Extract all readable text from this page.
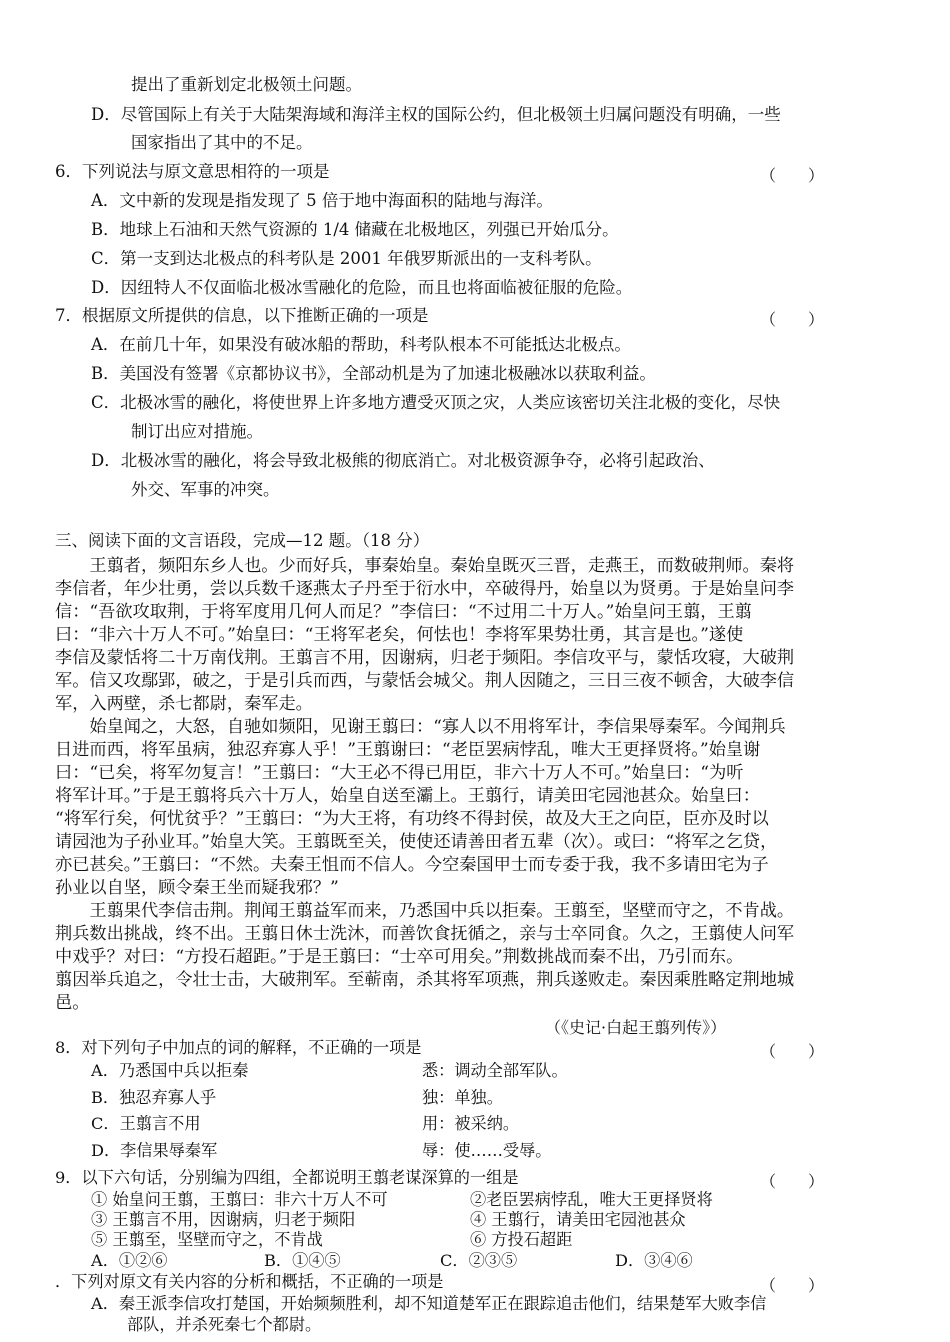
提出了重新划定北极领土问题。
D．尽管国际上有关于大陆架海域和海洋主权的国际公约，但北极领土归属问题没有明确，一些
国家指出了其中的不足。
6．下列说法与原文意思相符的一项是	（　　）
A．文中新的发现是指发现了 5 倍于地中海面积的陆地与海洋。
B．地球上石油和天然气资源的 1/4 储藏在北极地区，列强已开始瓜分。
C．第一支到达北极点的科考队是 2001 年俄罗斯派出的一支科考队。
D．因纽特人不仅面临北极冰雪融化的危险，而且也将面临被征服的危险。
7．根据原文所提供的信息，以下推断正确的一项是	（　　）
A．在前几十年，如果没有破冰船的帮助，科考队根本不可能抵达北极点。
B．美国没有签署《京都协议书》，全部动机是为了加速北极融冰以获取利益。
C．北极冰雪的融化，将使世界上许多地方遭受灭顶之灾，人类应该密切关注北极的变化，尽快
制订出应对措施。
D．北极冰雪的融化，将会导致北极熊的彻底消亡。对北极资源争夺，必将引起政治、
外交、军事的冲突。
三、阅读下面的文言语段，完成—12 题。（18 分）
　　王翦者，频阳东乡人也。少而好兵，事秦始皇。秦始皇既灭三晋，走燕王，而数破荆师。秦将
李信者，年少壮勇，尝以兵数千逐燕太子丹至于衍水中，卒破得丹，始皇以为贤勇。于是始皇问李
信：“吾欲攻取荆，于将军度用几何人而足？”李信曰：“不过用二十万人。”始皇问王翦，王翦
曰：“非六十万人不可。”始皇曰：“王将军老矣，何怯也！李将军果势壮勇，其言是也。”遂使
李信及蒙恬将二十万南伐荆。王翦言不用，因谢病，归老于频阳。李信攻平与，蒙恬攻寝，大破荆
军。信又攻鄢郢，破之，于是引兵而西，与蒙恬会城父。荆人因随之，三日三夜不顿舍，大破李信
军，入两壁，杀七都尉，秦军走。
　　始皇闻之，大怒，自驰如频阳，见谢王翦曰：“寡人以不用将军计，李信果辱秦军。今闻荆兵
日进而西，将军虽病，独忍弃寡人乎！”王翦谢曰：“老臣罢病悖乱，唯大王更择贤将。”始皇谢
曰：“已矣，将军勿复言！”王翦曰：“大王必不得已用臣，非六十万人不可。”始皇曰：“为听
将军计耳。”于是王翦将兵六十万人，始皇自送至灞上。王翦行，请美田宅园池甚众。始皇曰：
“将军行矣，何忧贫乎？”王翦曰：“为大王将，有功终不得封侯，故及大王之向臣，臣亦及时以
请园池为子孙业耳。”始皇大笑。王翦既至关，使使还请善田者五辈（次）。或曰：“将军之乞贷，
亦已甚矣。”王翦曰：“不然。夫秦王怚而不信人。今空秦国甲士而专委于我，我不多请田宅为子
孙业以自坚，顾令秦王坐而疑我邪？”
　　王翦果代李信击荆。荆闻王翦益军而来，乃悉国中兵以拒秦。王翦至，坚壁而守之，不肯战。
荆兵数出挑战，终不出。王翦日休士洗沐，而善饮食抚循之，亲与士卒同食。久之，王翦使人问军
中戏乎？对曰：“方投石超距。”于是王翦曰：“士卒可用矣。”荆数挑战而秦不出，乃引而东。
翦因举兵追之，令壮士击，大破荆军。至蕲南，杀其将军项燕，荆兵遂败走。秦因乘胜略定荆地城
邑。
（《史记·白起王翦列传》）
8．对下列句子中加点的词的解释，不正确的一项是	（　　）
A．乃悉国中兵以拒秦	悉：调动全部军队。
B．独忍弃寡人乎	独：单独。
C．王翦言不用	用：被采纳。
D．李信果辱秦军	辱：使……受辱。
9．以下六句话，分别编为四组，全都说明王翦老谋深算的一组是	（　　）
① 始皇问王翦，王翦曰：非六十万人不可	②老臣罢病悖乱，唯大王更择贤将
③ 王翦言不用，因谢病，归老于频阳	④ 王翦行，请美田宅园池甚众
⑤ 王翦至，坚壁而守之，不肯战	⑥ 方投石超距
A．①②⑥	B．①④⑤	C．②③⑤	D．③④⑥
．下列对原文有关内容的分析和概括，不正确的一项是	（　　）
A．秦王派李信攻打楚国，开始频频胜利，却不知道楚军正在跟踪追击他们，结果楚军大败李信
部队，并杀死秦七个都尉。
